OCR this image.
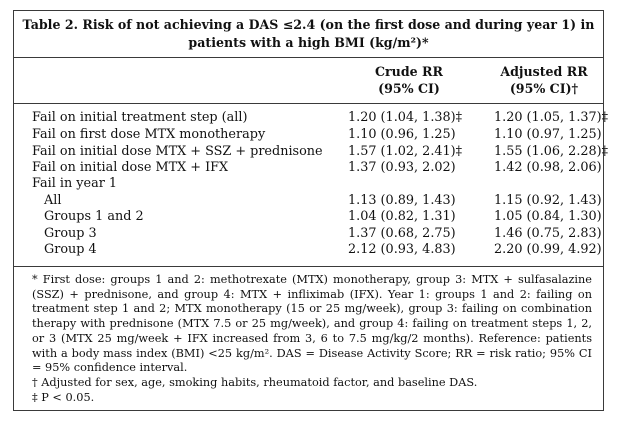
Table 2. Risk of not achieving a DAS ≤2.4 (on the first dose and during year 1) in
patients with a high BMI (kg/m²)*
Crude RR
(95% CI)
Adjusted RR
(95% CI)†
Fail on initial treatment step (all)	1.20 (1.04, 1.38)‡	1.20 (1.05, 1.37)‡
Fail on first dose MTX monotherapy	1.10 (0.96, 1.25)	1.10 (0.97, 1.25)
Fail on initial dose MTX + SSZ + prednisone	1.57 (1.02, 2.41)‡	1.55 (1.06, 2.28)‡
Fail on initial dose MTX + IFX	1.37 (0.93, 2.02)	1.42 (0.98, 2.06)
Fail in year 1
All	1.13 (0.89, 1.43)	1.15 (0.92, 1.43)
Groups 1 and 2	1.04 (0.82, 1.31)	1.05 (0.84, 1.30)
Group 3	1.37 (0.68, 2.75)	1.46 (0.75, 2.83)
Group 4	2.12 (0.93, 4.83)	2.20 (0.99, 4.92)

* First dose: groups 1 and 2: methotrexate (MTX) monotherapy, group 3: MTX + sulfasalazine (SSZ) + prednisone, and group 4: MTX + infliximab (IFX). Year 1: groups 1 and 2: failing on treatment step 1 and 2; MTX monotherapy (15 or 25 mg/week), group 3: failing on combination therapy with prednisone (MTX 7.5 or 25 mg/week), and group 4: failing on treatment steps 1, 2, or 3 (MTX 25 mg/week + IFX increased from 3, 6 to 7.5 mg/kg/2 months). Reference: patients with a body mass index (BMI) <25 kg/m². DAS = Disease Activity Score; RR = risk ratio; 95% CI = 95% confidence interval.

† Adjusted for sex, age, smoking habits, rheumatoid factor, and baseline DAS.

‡ P < 0.05.
